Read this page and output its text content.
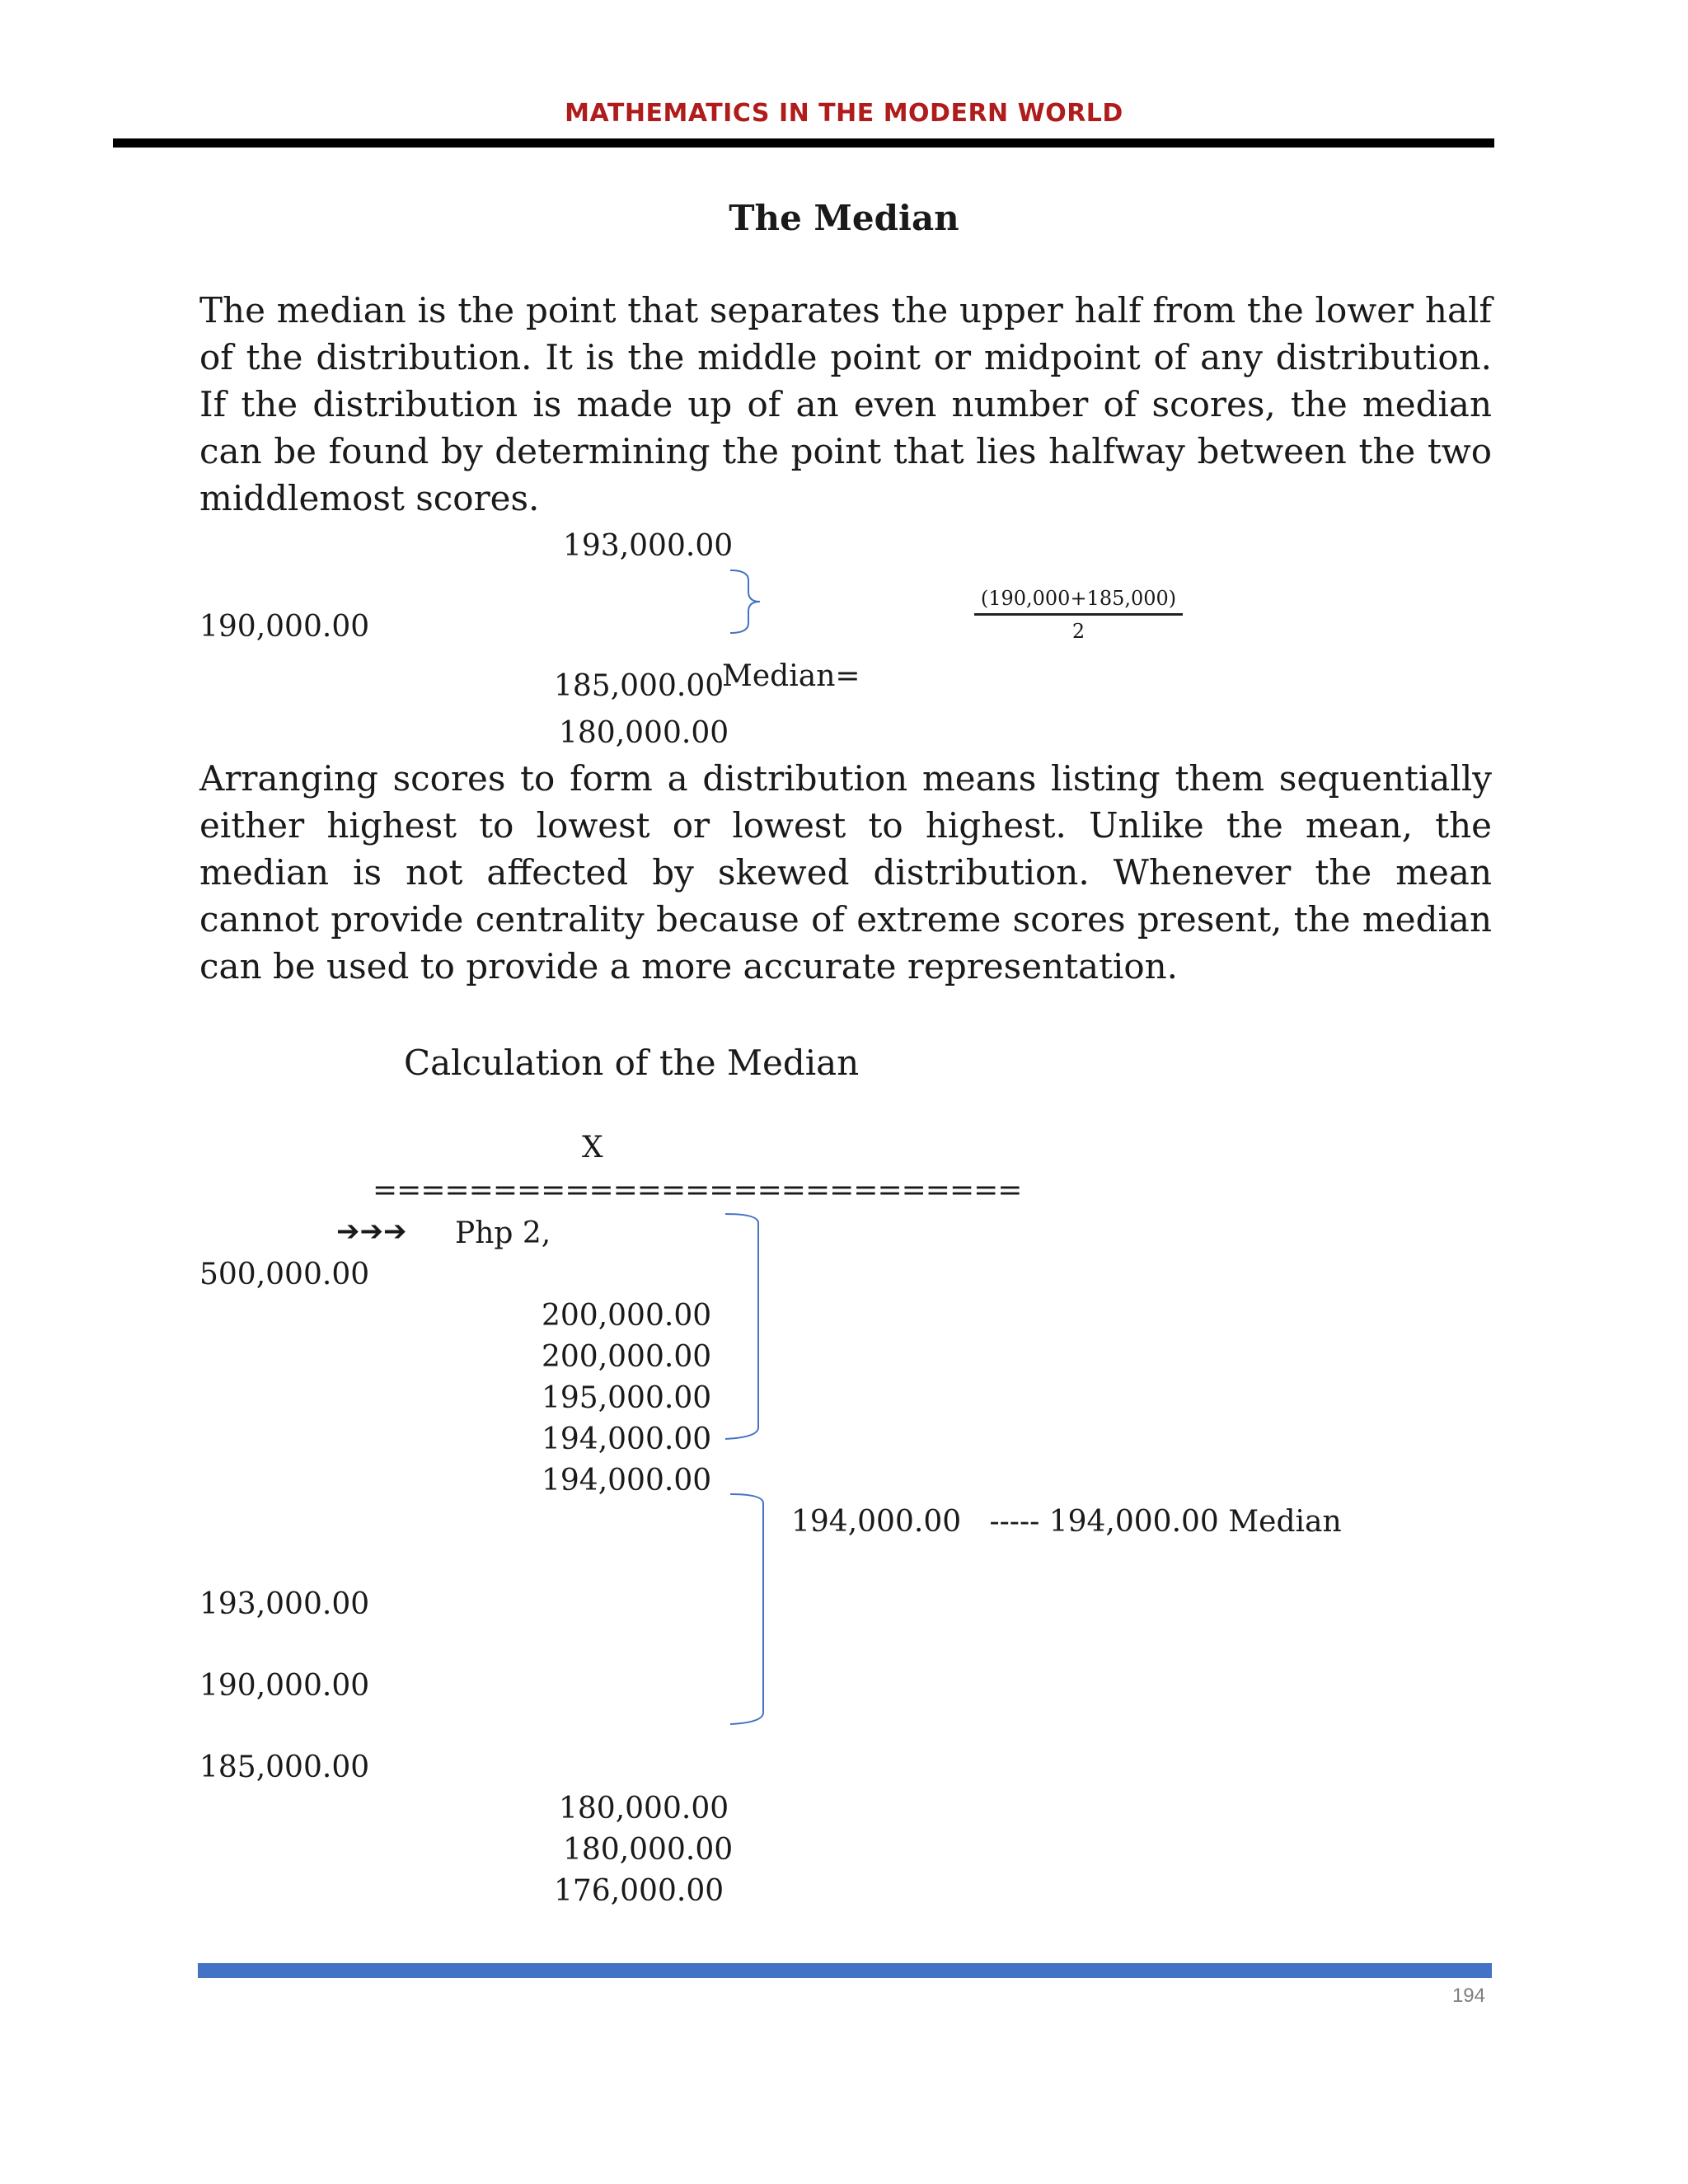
MATHEMATICS IN THE MODERN WORLD
The Median
The median is the point that separates the upper half from the lower half of the distribution. It is the middle point or midpoint of any distribution. If the distribution is made up of an even number of scores, the median can be found by determining the point that lies halfway between the two middlemost scores.
193,000.00
190,000.00
185,000.00
Median=
180,000.00
(190,000+185,000)
2
Arranging scores to form a distribution means listing them sequentially either highest to lowest or lowest to highest. Unlike the mean, the median is not affected by skewed distribution. Whenever the mean cannot provide centrality because of extreme scores present, the median can be used to provide a more accurate representation.
Calculation of the Median
X
===========================
➔➔➔ Php 2,
500,000.00
200,000.00
200,000.00
195,000.00
194,000.00
194,000.00
194,000.00   ----- 194,000.00 Median
193,000.00
190,000.00
185,000.00
180,000.00
180,000.00
176,000.00
194
